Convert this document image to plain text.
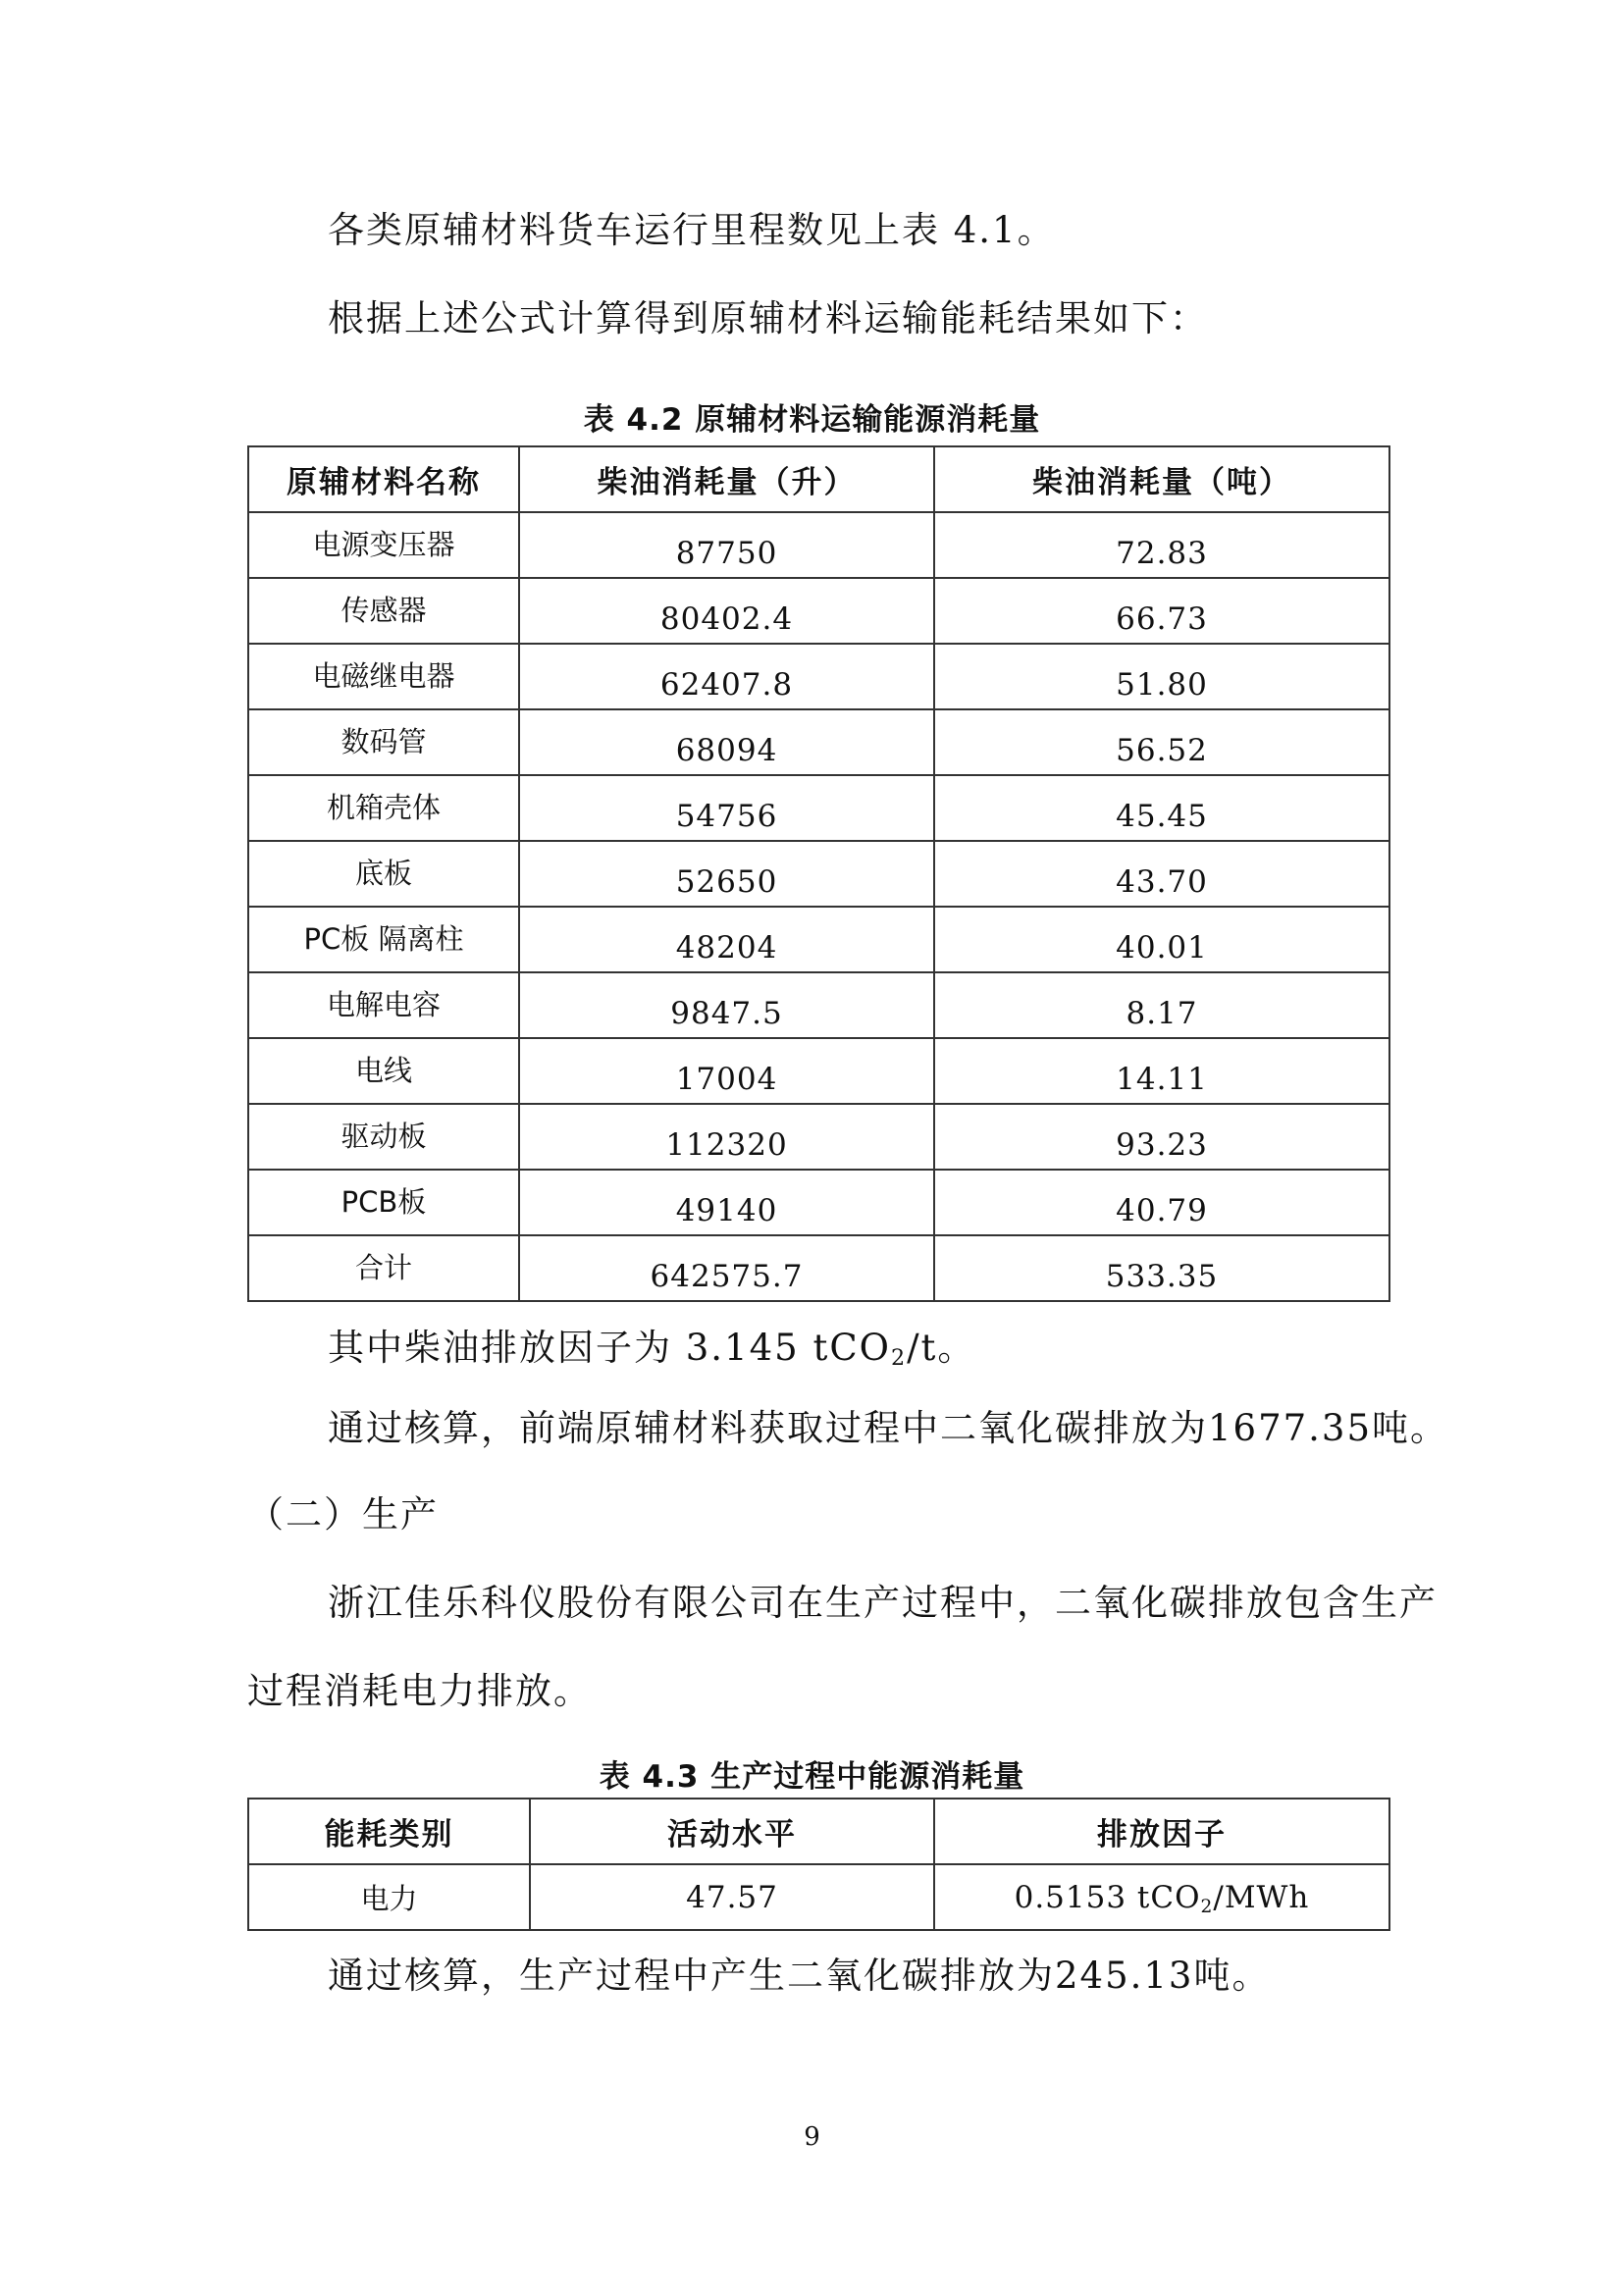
各类原辅材料货车运行里程数见上表 4.1。
根据上述公式计算得到原辅材料运输能耗结果如下：
表 4.2 原辅材料运输能源消耗量
原辅材料名称	柴油消耗量（升）	柴油消耗量（吨）
电源变压器	87750	72.83
传感器	80402.4	66.73
电磁继电器	62407.8	51.80
数码管	68094	56.52
机箱壳体	54756	45.45
底板	52650	43.70
PC板 隔离柱	48204	40.01
电解电容	9847.5	8.17
电线	17004	14.11
驱动板	112320	93.23
PCB板	49140	40.79
合计	642575.7	533.35
其中柴油排放因子为 3.145 tCO$_2$/t。
通过核算，前端原辅材料获取过程中二氧化碳排放为1677.35吨。
（二）生产
浙江佳乐科仪股份有限公司在生产过程中，二氧化碳排放包含生产
过程消耗电力排放。
表 4.3 生产过程中能源消耗量
能耗类别	活动水平	排放因子
电力	47.57	0.5153 tCO$_2$/MWh
通过核算，生产过程中产生二氧化碳排放为245.13吨。
9
